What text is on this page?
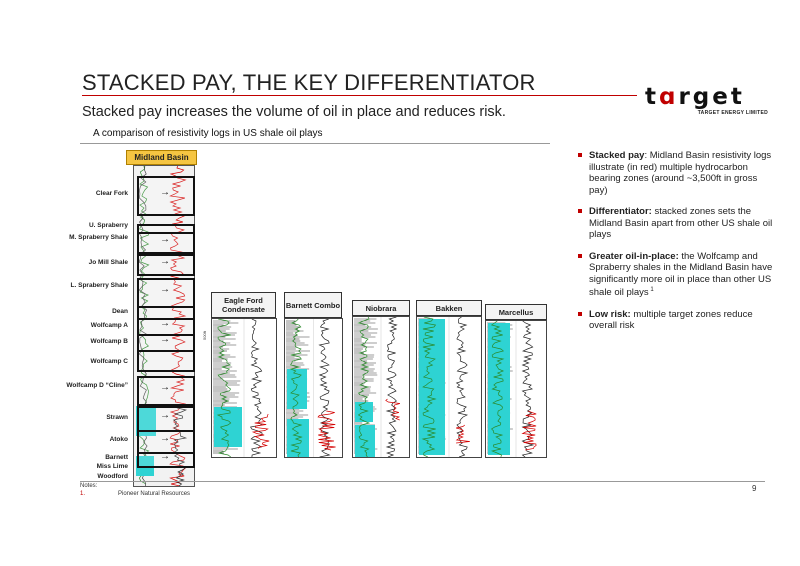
STACKED PAY, THE KEY DIFFERENTIATOR
tɑrget
TARGET ENERGY LIMITED
Stacked pay increases the volume of oil in place and reduces risk.
A comparison of resistivity logs in US shale oil plays
Midland Basin
→
Clear Fork
U. Spraberry
→
M. Spraberry Shale
→
Jo Mill Shale
→
L. Spraberry Shale
Dean
→
Wolfcamp A
→
Wolfcamp B
Wolfcamp C
→
Wolfcamp D “Cline”
→
Strawn
→
Atoko
→
Barnett
Miss Lime
Woodford
500ft
Eagle Ford Condensate	Barnett Combo	Niobrara	Bakken	Marcellus
Stacked pay: Midland Basin resistivity logs illustrate (in red) multiple hydrocarbon bearing zones (around ~3,500ft in gross pay)
Differentiator: stacked zones sets the Midland Basin apart from other US shale oil plays
Greater oil-in-place: the Wolfcamp and Spraberry shales in the Midland Basin have significantly more oil in place than other US shale oil plays $^1$
Low risk: multiple target zones reduce overall risk
Notes:
1.	Pioneer Natural Resources
9
